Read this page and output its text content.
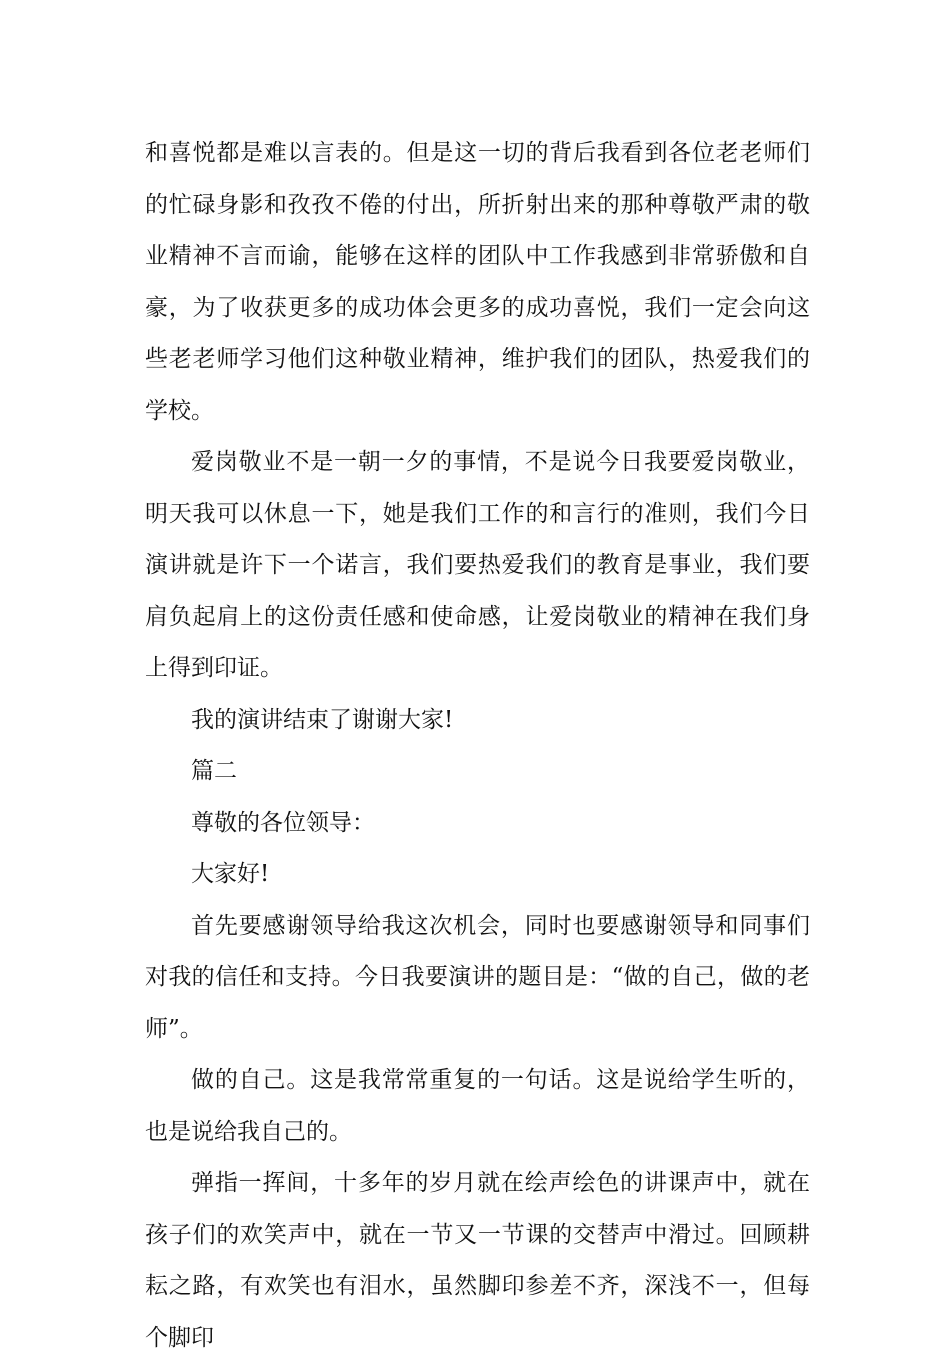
和喜悦都是难以言表的。但是这一切的背后我看到各位老老师们的忙碌身影和孜孜不倦的付出，所折射出来的那种尊敬严肃的敬业精神不言而谕，能够在这样的团队中工作我感到非常骄傲和自豪，为了收获更多的成功体会更多的成功喜悦，我们一定会向这些老老师学习他们这种敬业精神，维护我们的团队，热爱我们的学校。

爱岗敬业不是一朝一夕的事情，不是说今日我要爱岗敬业，明天我可以休息一下，她是我们工作的和言行的准则，我们今日演讲就是许下一个诺言，我们要热爱我们的教育是事业，我们要肩负起肩上的这份责任感和使命感，让爱岗敬业的精神在我们身上得到印证。

我的演讲结束了谢谢大家!

篇二

尊敬的各位领导：

大家好!

首先要感谢领导给我这次机会，同时也要感谢领导和同事们对我的信任和支持。今日我要演讲的题目是：“做的自己，做的老师”。

做的自己。这是我常常重复的一句话。这是说给学生听的，也是说给我自己的。

弹指一挥间，十多年的岁月就在绘声绘色的讲课声中，就在孩子们的欢笑声中，就在一节又一节课的交替声中滑过。回顾耕耘之路，有欢笑也有泪水，虽然脚印参差不齐，深浅不一，但每个脚印
